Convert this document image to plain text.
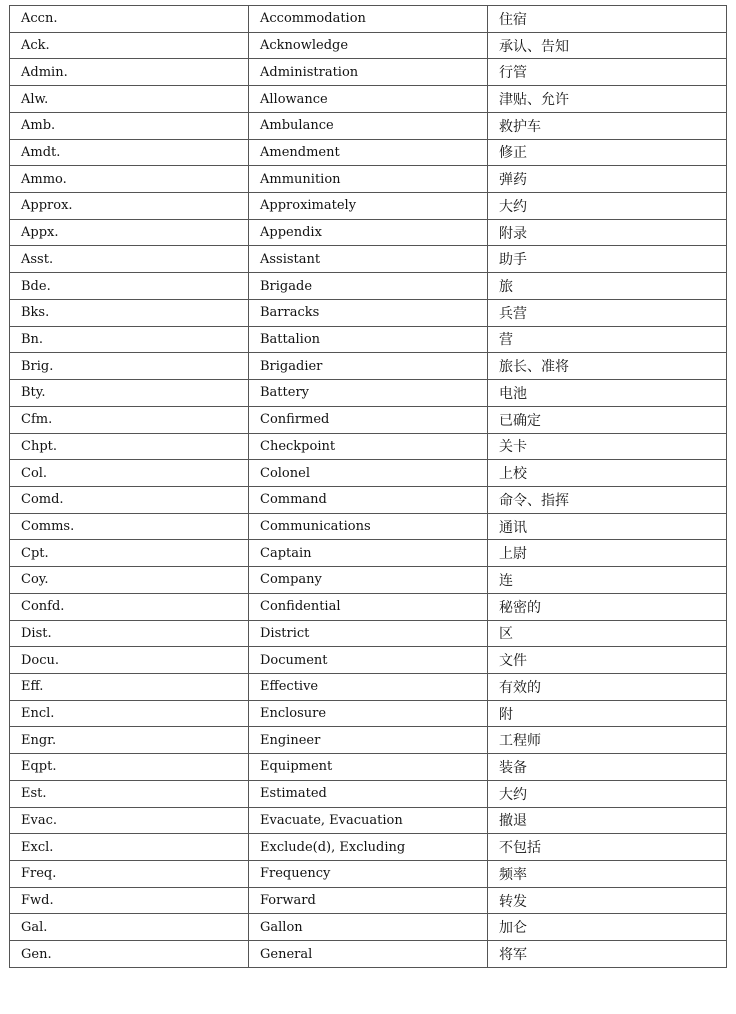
Accn.	Accommodation	住宿
Ack.	Acknowledge	承认、告知
Admin.	Administration	行管
Alw.	Allowance	津贴、允许
Amb.	Ambulance	救护车
Amdt.	Amendment	修正
Ammo.	Ammunition	弹药
Approx.	Approximately	大约
Appx.	Appendix	附录
Asst.	Assistant	助手
Bde.	Brigade	旅
Bks.	Barracks	兵营
Bn.	Battalion	营
Brig.	Brigadier	旅长、准将
Bty.	Battery	电池
Cfm.	Confirmed	已确定
Chpt.	Checkpoint	关卡
Col.	Colonel	上校
Comd.	Command	命令、指挥
Comms.	Communications	通讯
Cpt.	Captain	上尉
Coy.	Company	连
Confd.	Confidential	秘密的
Dist.	District	区
Docu.	Document	文件
Eff.	Effective	有效的
Encl.	Enclosure	附
Engr.	Engineer	工程师
Eqpt.	Equipment	装备
Est.	Estimated	大约
Evac.	Evacuate, Evacuation	撤退
Excl.	Exclude(d), Excluding	不包括
Freq.	Frequency	频率
Fwd.	Forward	转发
Gal.	Gallon	加仑
Gen.	General	将军
